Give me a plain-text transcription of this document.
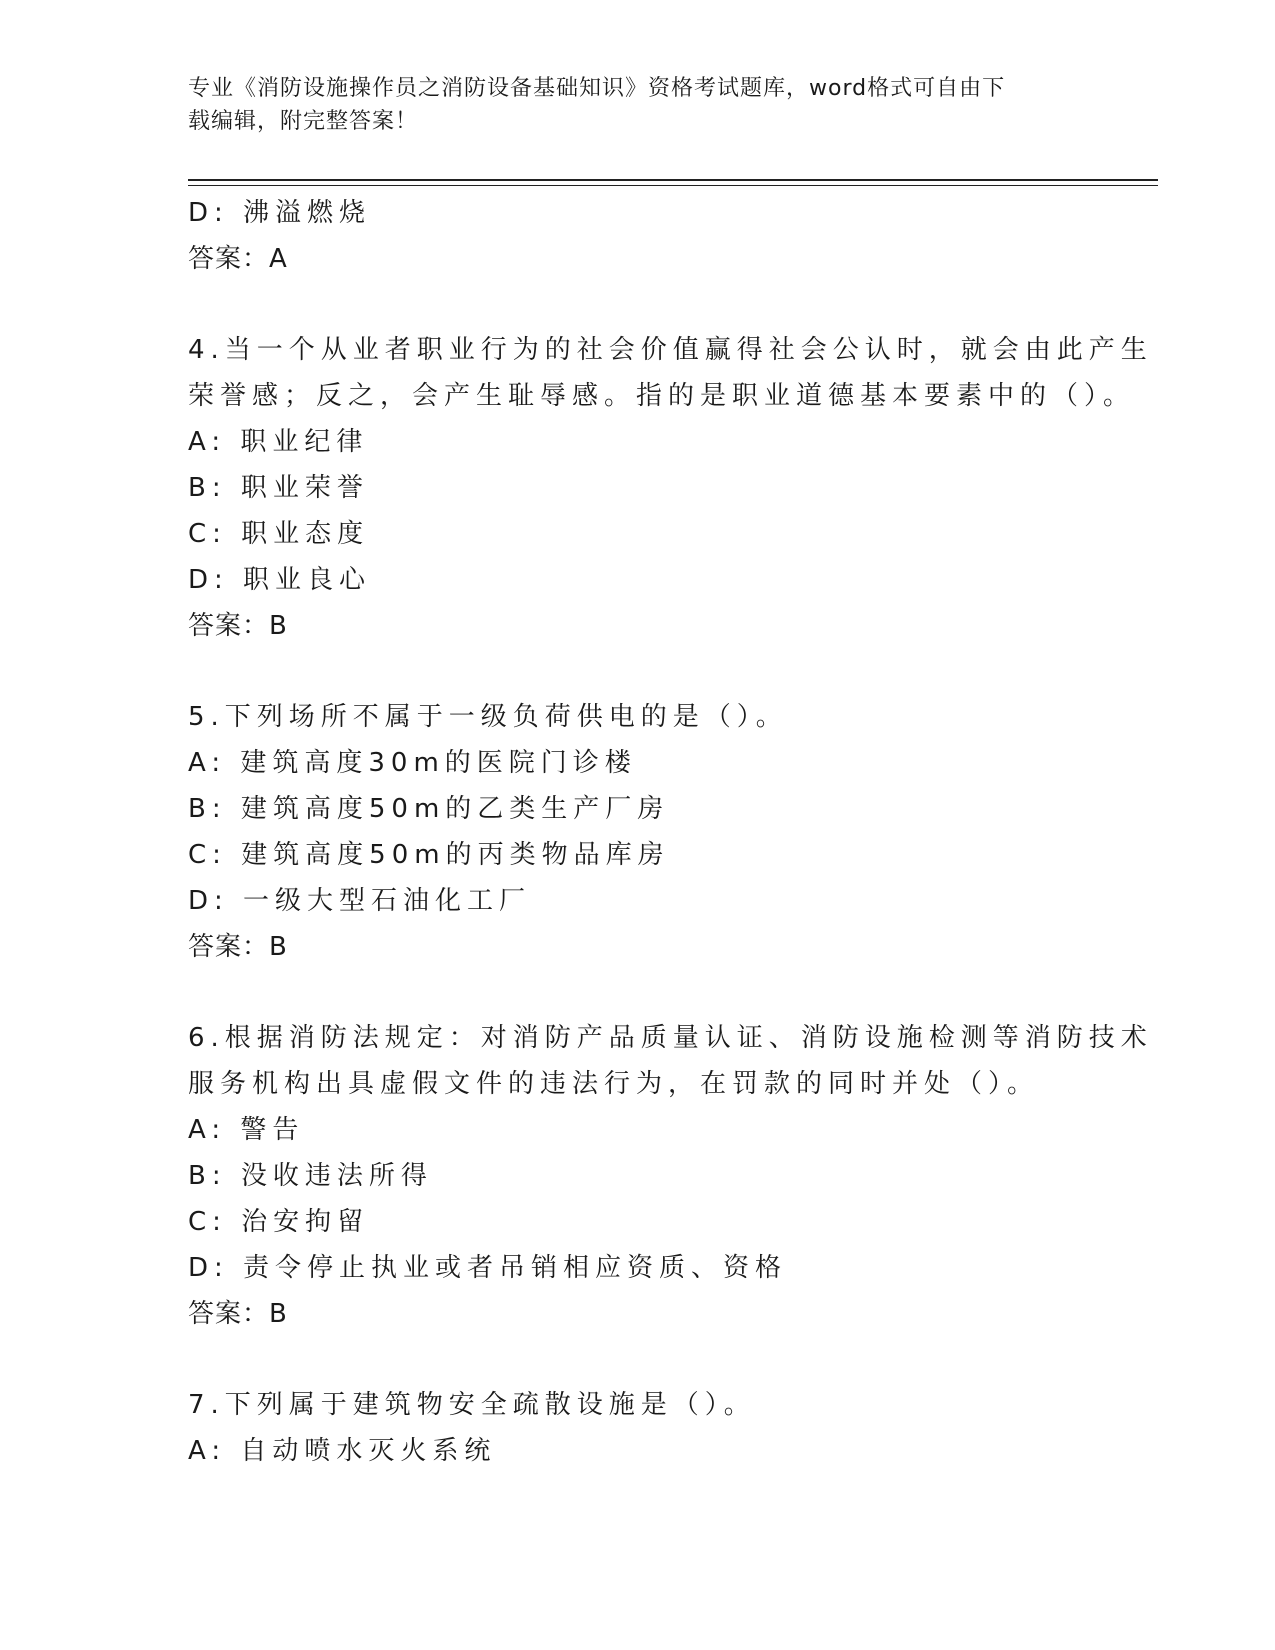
专业《消防设施操作员之消防设备基础知识》资格考试题库，word格式可自由下
载编辑，附完整答案！
D: 沸溢燃烧
答案：A
4.当一个从业者职业行为的社会价值赢得社会公认时，就会由此产生
荣誉感；反之，会产生耻辱感。指的是职业道德基本要素中的（）。
A: 职业纪律
B: 职业荣誉
C: 职业态度
D: 职业良心
答案：B
5.下列场所不属于一级负荷供电的是（）。
A: 建筑高度30m的医院门诊楼
B: 建筑高度50m的乙类生产厂房
C: 建筑高度50m的丙类物品库房
D: 一级大型石油化工厂
答案：B
6.根据消防法规定：对消防产品质量认证、消防设施检测等消防技术
服务机构出具虚假文件的违法行为，在罚款的同时并处（）。
A: 警告
B: 没收违法所得
C: 治安拘留
D: 责令停止执业或者吊销相应资质、资格
答案：B
7.下列属于建筑物安全疏散设施是（）。
A: 自动喷水灭火系统
